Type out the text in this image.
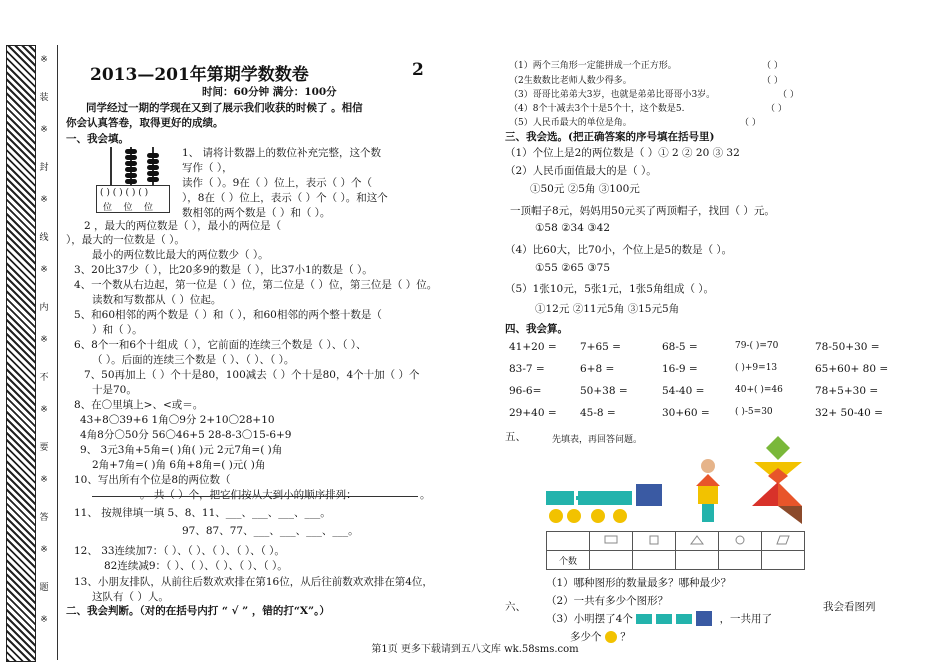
※
装
※
封
※
线
※
内
※
不
※
要
※
答
※
题
※
2013—201年第期学数数卷	2
时间：60分钟 满分：100分
同学经过一期的学现在又到了展示我们收获的时候了 。相信
你会认真答卷，取得更好的成绩。
一、我会填。
( ) ( ) ( ) ( )
位 位 位
1、 请将计数器上的数位补充完整，这个数
写作（ ），
读作（ ）。9在（ ）位上，表示（ ）个（
），8在（ ）位上，表示（ ）个（ ）。和这个
数相邻的两个数是（ ）和（ ）。
2 ，最大的两位数是（ ），最小的两位是（
），最大的一位数是（ ）。
最小的两位数比最大的两位数少（ ）。
3、20比37少（ ），比20多9的数是（ ），比37小1的数是（ ）。
4、一个数从右边起，第一位是（ ）位，第二位是（ ）位，第三位是（ ）位。
读数和写数都从（ ）位起。
5、和60相邻的两个数是（ ）和（ ），和60相邻的两个整十数是（
）和（ ）。
6、8个一和6个十组成（ ），它前面的连续三个数是（ ）、（ ）、
（ ）。后面的连续三个数是（ ）、（ ）、（ ）。
7、50再加上（ ）个十是80，100减去（ ）个十是80，4个十加（ ）个
十是70。
8、在〇里填上>、<或＝。
43+8〇39+6 1角〇9分 2+10〇28+10
4角8分〇50分 56〇46+5 28-8-3〇15-6+9
9、 3元3角+5角=( )角( )元 2元7角=( )角
2角+7角=( )角 6角+8角=( )元( )角
10、写出所有个位是8的两位数（
。 共（ ）个，把它们按从大到小的顺序排列：	。
11、 按规律填一填 5、8、11、___、___、___、___。
97、87、77、___、___、___、___。
12、 33连续加7：（ ）、（ ）、（ ）、（ ）、（ ）。
82连续减9：（ ）、（ ）、（ ）、（ ）、（ ）。
13、小朋友排队，从前往后数欢欢排在第16位，从后往前数欢欢排在第4位，
这队有（ ）人。
二、我会判断。（对的在括号内打 “ √ ” ，错的打“X”。）
（1）两个三角形一定能拼成一个正方形。	（ ）
（2生数数比老师人数少得多。	（ ）
（3）哥哥比弟弟大3岁，也就是弟弟比哥哥小3岁。	（ ）
（4）8个十减去3个十是5个十，这个数是5.	（ ）
（5）人民币最大的单位是角。	（ ）
三、我会选。(把正确答案的序号填在括号里)
（1）个位上是2的两位数是（ ）① 2 ② 20 ③ 32
（2）人民币面值最大的是（ ）。
①50元 ②5角 ③100元
一顶帽子8元，妈妈用50元买了两顶帽子，找回（ ）元。
①58 ②34 ③42
（4）比60大，比70小，个位上是5的数是（ ）。
①55 ②65 ③75
（5）1张10元，5张1元，1张5角组成（ ）。
①12元 ②11元5角 ③15元5角
四、我会算。
41+20 = 7+65 =	68-5 =	79-( )=70	78-50+30 =
83-7 =	6+8 =	16-9 =	( )+9=13	65+60+ 80 =
96-6=	50+38 =	54-40 =	40+( )=46	78+5+30 =
29+40 = 45-8 =	30+60 =	( )-5=30	32+ 50-40 =
五、	先填表，再回答问题。

个数					
（1）哪种图形的数量最多？哪种最少？
（2）一共有多少个图形？
六、	我会看图列
（3）小明摆了4个	，一共用了
多少个 ？
第1页 更多下载请到五八文库 wk.58sms.com
